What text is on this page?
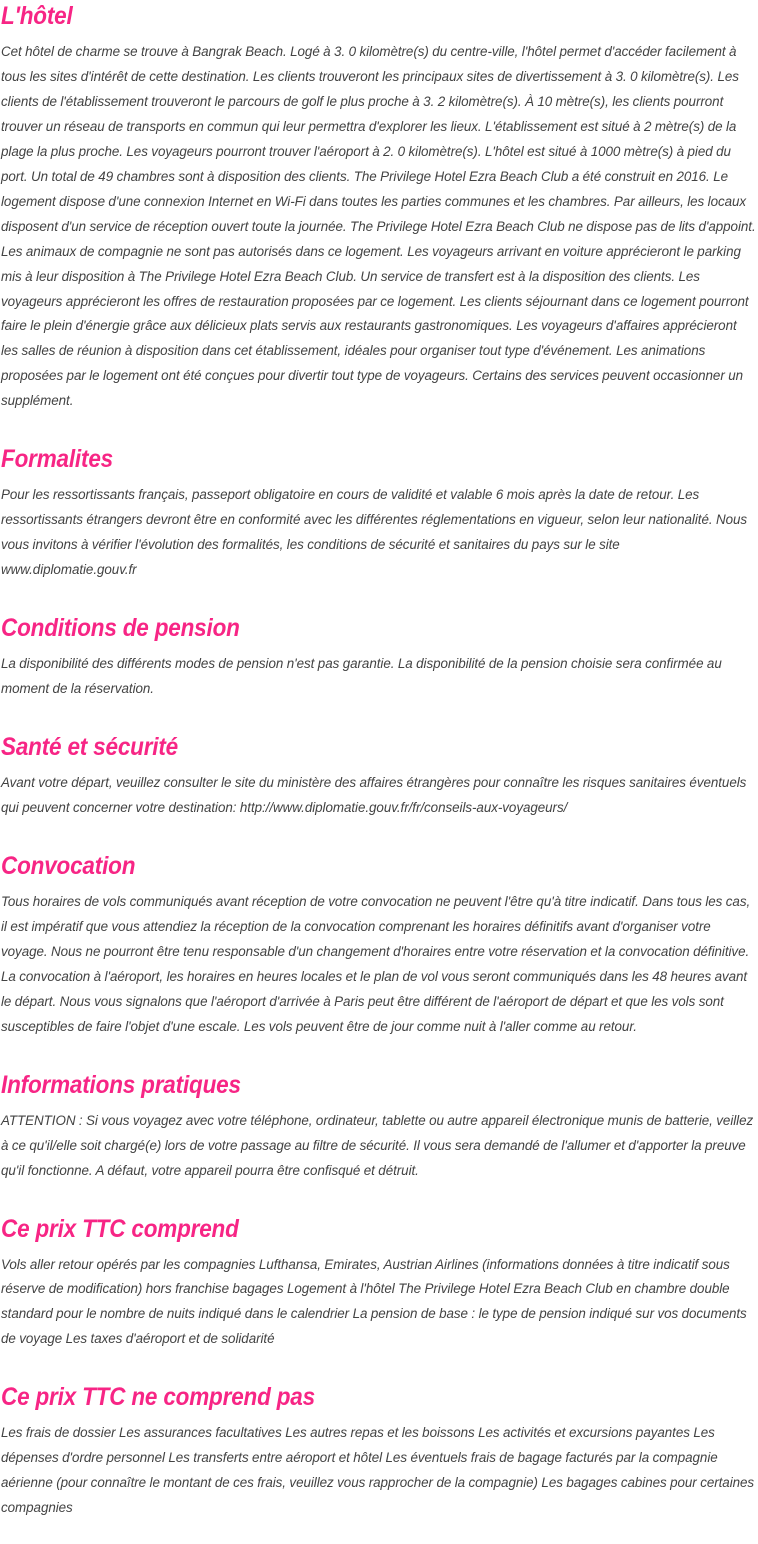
L'hôtel

Cet hôtel de charme se trouve à Bangrak Beach. Logé à 3. 0 kilomètre(s) du centre-ville, l'hôtel permet d'accéder facilement à tous les sites d'intérêt de cette destination. Les clients trouveront les principaux sites de divertissement à 3. 0 kilomètre(s). Les clients de l'établissement trouveront le parcours de golf le plus proche à 3. 2 kilomètre(s). À 10 mètre(s), les clients pourront trouver un réseau de transports en commun qui leur permettra d'explorer les lieux. L'établissement est situé à 2 mètre(s) de la plage la plus proche. Les voyageurs pourront trouver l'aéroport à 2. 0 kilomètre(s). L'hôtel est situé à 1000 mètre(s) à pied du port. Un total de 49 chambres sont à disposition des clients. The Privilege Hotel Ezra Beach Club a été construit en 2016. Le logement dispose d'une connexion Internet en Wi-Fi dans toutes les parties communes et les chambres. Par ailleurs, les locaux disposent d'un service de réception ouvert toute la journée. The Privilege Hotel Ezra Beach Club ne dispose pas de lits d'appoint. Les animaux de compagnie ne sont pas autorisés dans ce logement. Les voyageurs arrivant en voiture apprécieront le parking mis à leur disposition à The Privilege Hotel Ezra Beach Club. Un service de transfert est à la disposition des clients. Les voyageurs apprécieront les offres de restauration proposées par ce logement. Les clients séjournant dans ce logement pourront faire le plein d'énergie grâce aux délicieux plats servis aux restaurants gastronomiques. Les voyageurs d'affaires apprécieront les salles de réunion à disposition dans cet établissement, idéales pour organiser tout type d'événement. Les animations proposées par le logement ont été conçues pour divertir tout type de voyageurs. Certains des services peuvent occasionner un supplément.

Formalites

Pour les ressortissants français, passeport obligatoire en cours de validité et valable 6 mois après la date de retour. Les ressortissants étrangers devront être en conformité avec les différentes réglementations en vigueur, selon leur nationalité. Nous vous invitons à vérifier l'évolution des formalités, les conditions de sécurité et sanitaires du pays sur le site www.diplomatie.gouv.fr

Conditions de pension

La disponibilité des différents modes de pension n'est pas garantie. La disponibilité de la pension choisie sera confirmée au moment de la réservation.

Santé et sécurité

Avant votre départ, veuillez consulter le site du ministère des affaires étrangères pour connaître les risques sanitaires éventuels qui peuvent concerner votre destination: http://www.diplomatie.gouv.fr/fr/conseils-aux-voyageurs/

Convocation

Tous horaires de vols communiqués avant réception de votre convocation ne peuvent l'être qu'à titre indicatif. Dans tous les cas, il est impératif que vous attendiez la réception de la convocation comprenant les horaires définitifs avant d'organiser votre voyage. Nous ne pourront être tenu responsable d'un changement d'horaires entre votre réservation et la convocation définitive. La convocation à l'aéroport, les horaires en heures locales et le plan de vol vous seront communiqués dans les 48 heures avant le départ. Nous vous signalons que l'aéroport d'arrivée à Paris peut être différent de l'aéroport de départ et que les vols sont susceptibles de faire l'objet d'une escale. Les vols peuvent être de jour comme nuit à l'aller comme au retour.

Informations pratiques

ATTENTION : Si vous voyagez avec votre téléphone, ordinateur, tablette ou autre appareil électronique munis de batterie, veillez à ce qu'il/elle soit chargé(e) lors de votre passage au filtre de sécurité. Il vous sera demandé de l'allumer et d'apporter la preuve qu'il fonctionne. A défaut, votre appareil pourra être confisqué et détruit.

Ce prix TTC comprend

Vols aller retour opérés par les compagnies Lufthansa, Emirates, Austrian Airlines (informations données à titre indicatif sous réserve de modification) hors franchise bagages Logement à l'hôtel The Privilege Hotel Ezra Beach Club en chambre double standard pour le nombre de nuits indiqué dans le calendrier La pension de base : le type de pension indiqué sur vos documents de voyage Les taxes d'aéroport et de solidarité

Ce prix TTC ne comprend pas

Les frais de dossier Les assurances facultatives Les autres repas et les boissons Les activités et excursions payantes Les dépenses d'ordre personnel Les transferts entre aéroport et hôtel Les éventuels frais de bagage facturés par la compagnie aérienne (pour connaître le montant de ces frais, veuillez vous rapprocher de la compagnie) Les bagages cabines pour certaines compagnies
